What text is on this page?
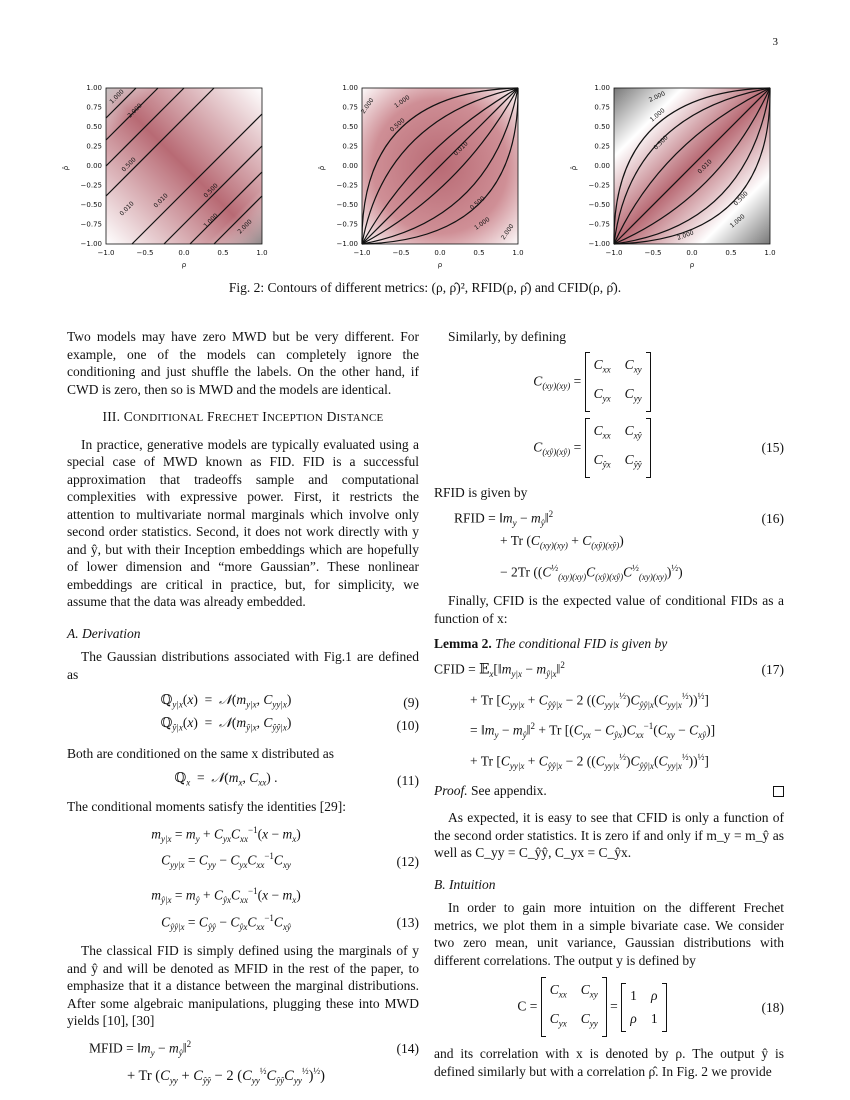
3
1.000
2.000
0.500
0.010	0.010
0.500
1.000	2.000
2.000	1.000
0.500
0.010
0.500
1.000 2.000
2.000
1.000
0.500
0.010
0.500
1.000
2.000
1.00
0.75
0.50
0.25
0.00
−0.25
−0.50
−0.75
−1.00
1.00
0.75
0.50
0.25
0.00
−0.25
−0.50
−0.75
−1.00
1.00
0.75
0.50
0.25
0.00
−0.25
−0.50
−0.75
−1.00
−1.0	−0.5	0.0	0.5	1.0	−1.0	−0.5	0.0	0.5	1.0	−1.0	−0.5	0.0	0.5	1.0
ρ	ρ	ρ
ρ̂	ρ̂	ρ̂
Fig. 2: Contours of different metrics: (ρ, ρ̂)², RFID(ρ, ρ̂) and CFID(ρ, ρ̂).

Two models may have zero MWD but be very different. For example, one of the models can completely ignore the conditioning and just shuffle the labels. On the other hand, if CWD is zero, then so is MWD and the models are identical.

III. CONDITIONAL FRECHET INCEPTION DISTANCE

In practice, generative models are typically evaluated using a special case of MWD known as FID. FID is a successful approximation that tradeoffs sample and computational complexities with expressive power. First, it restricts the attention to multivariate normal marginals which involve only second order statistics. Second, it does not work directly with y and ŷ, but with their Inception embeddings which are hopefully of lower dimension and “more Gaussian”. These nonlinear embeddings are critical in practice, but, for simplicity, we assume that the data was already embedded.

A. Derivation

The Gaussian distributions associated with Fig.1 are defined as

ℚ$_{y|x}$(x)  =  $𝒩(m_{y|x}$, $C_{yy|x}$)	(9)
ℚ$_{ŷ|x}$(x)  =  $𝒩(m_{ŷ|x}$, $C_{ŷŷ|x}$)	(10)

Both are conditioned on the same x distributed as

ℚ$_x$  =  $𝒩(m_x$, $C_{xx}$) .	(11)

The conditional moments satisfy the identities [29]:

$m_{y|x} = m_y + C_{yx}C_{xx}^{-1}(x - m_x)$
$C_{yy|x} = C_{yy} - C_{yx}C_{xx}^{-1}C_{xy}$	(12)
$m_{ŷ|x} = m_ŷ + C_{ŷx}C_{xx}^{-1}(x - m_x)$
$C_{ŷŷ|x} = C_{ŷŷ} - C_{ŷx}C_{xx}^{-1}C_{xŷ}$	(13)

The classical FID is simply defined using the marginals of y and ŷ and will be denoted as MFID in the rest of the paper, to emphasize that it a distance between the marginal distributions. After some algebraic manipulations, plugging these into MWD yields [10], [30]

MFID = $‖m_y$ − $m_ŷ‖^2$	(14)
+ Tr ($C_{yy} + C_{ŷŷ} - 2$ $(C_{yy}^{\frac{1}{2}}C_{ŷŷ}C_{yy}^{\frac{1}{2}})^{\frac{1}{2}}$)

Similarly, by defining

$C_{(xy)(xy)}$ =
$C_{xx}$ $C_{xy}$
$C_{yx}$ $C_{yy}$
$C_{(xŷ)(xŷ)}$ =
$C_{xx}$ $C_{xŷ}$
$C_{ŷx}$ $C_{ŷŷ}$
(15)

RFID is given by

RFID = $‖m_y$ − $m_ŷ‖^2$	(16)
+ Tr $(C_{(xy)(xy)} + C_{(xŷ)(xŷ)})$
− 2Tr $((C^{\frac{1}{2}}_{(xy)(xy)}C_{(xŷ)(xŷ)}C^{\frac{1}{2}}_{(xy)(xy)})^{\frac{1}{2}})$

Finally, CFID is the expected value of conditional FIDs as a function of x:

Lemma 2. The conditional FID is given by
CFID = $𝔼_x[‖m_{y|x}$ − $m_{ŷ|x}‖^2$	(17)
+ Tr [$C_{yy|x} + C_{ŷŷ|x} - 2$ $((C_{yy|x}^{\frac{1}{2}})C_{ŷŷ|x}(C_{yy|x}^{\frac{1}{2}}))^{\frac{1}{2}}$]
= $‖m_y$ − $m_ŷ‖^2 + Tr$ $[(C_{yx} - C_{ŷx})C_{xx}^{-1}(C_{xy} - C_{xŷ})]$
+ Tr [$C_{yy|x} + C_{ŷŷ|x} - 2$ $((C_{yy|x}^{\frac{1}{2}})C_{ŷŷ|x}(C_{yy|x}^{\frac{1}{2}}))^{\frac{1}{2}}$]

Proof. See appendix.

As expected, it is easy to see that CFID is only a function of the second order statistics. It is zero if and only if m_y = m_ŷ as well as C_yy = C_ŷŷ, C_yx = C_ŷx.

B. Intuition

In order to gain more intuition on the different Frechet metrics, we plot them in a simple bivariate case. We consider two zero mean, unit variance, Gaussian distributions with different correlations. The output y is defined by

C =
$C_{xx}$ $C_{xy}$
$C_{yx}$ $C_{yy}$
=
1 ρ
ρ 1
(18)

and its correlation with x is denoted by ρ. The output ŷ is defined similarly but with a correlation ρ̂. In Fig. 2 we provide
